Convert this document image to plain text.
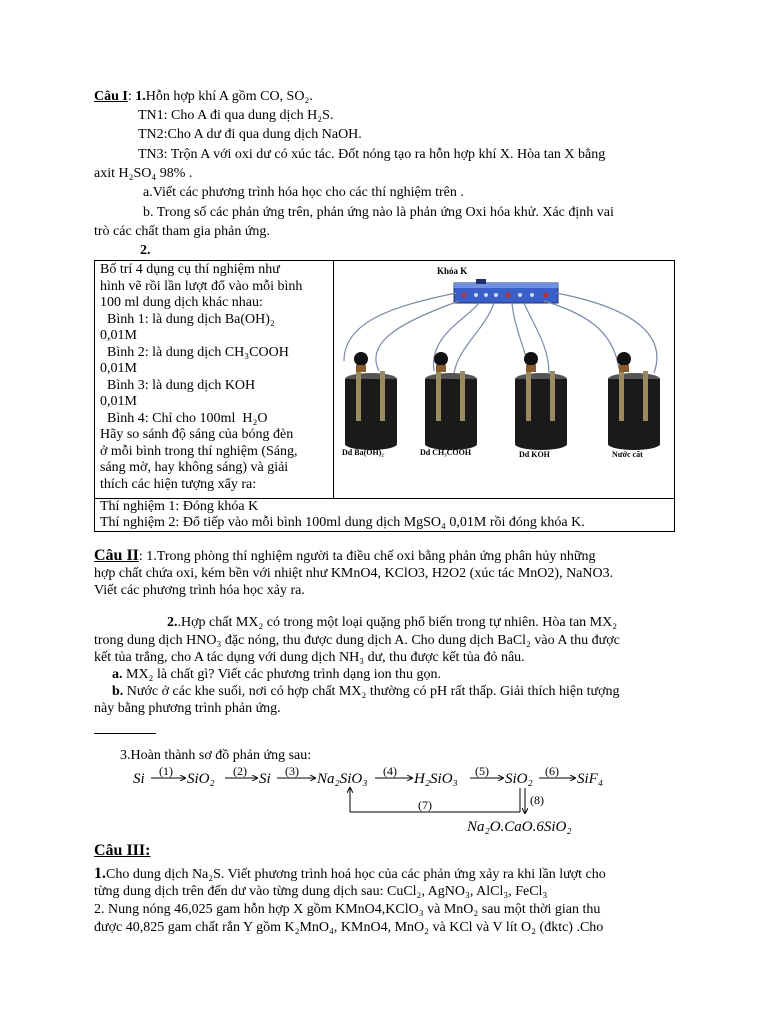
Câu I: 1.Hỗn hợp khí A gồm CO, SO₂.
TN1: Cho A đi qua dung dịch H₂S.
TN2:Cho A dư đi qua dung dịch NaOH.
TN3: Trộn A với oxi dư có xúc tác. Đốt nóng tạo ra hỗn hợp khí X. Hòa tan X bằng
axit H₂SO₄ 98% .
a.Viết các phương trình hóa học cho các thí nghiệm trên .
b. Trong số các phản ứng trên, phản ứng nào là phản ứng Oxi hóa khử. Xác định vai
trò các chất tham gia phản ứng.
2.
Bố trí 4 dụng cụ thí nghiệm như
hình vẽ rồi lần lượt đổ vào mỗi bình
100 ml dung dịch khác nhau:
Bình 1: là dung dịch Ba(OH)₂
0,01M
Bình 2: là dung dịch CH₃COOH
0,01M
Bình 3: là dung dịch KOH
0,01M
Bình 4: Chỉ cho 100ml  H₂O
Hãy so sánh độ sáng của bóng đèn
ở mỗi bình trong thí nghiệm (Sáng,
sáng mờ, hay không sáng) và giải
thích các hiện tượng xẩy ra:
Khóa K
Dd Ba(OH)₂	Dd CH₃COOH	Dd KOH	Nước cất
Thí nghiệm 1: Đóng khóa K
Thí nghiệm 2: Đổ tiếp vào mỗi bình 100ml dung dịch MgSO₄ 0,01M rồi đóng khóa K.
Câu II: 1.Trong phòng thí nghiệm người ta điều chế oxi bằng phản ứng phân hủy những
hợp chất chứa oxi, kém bền với nhiệt như KMnO4, KClO3, H2O2 (xúc tác MnO2), NaNO3.
Viết các phương trình hóa học xảy ra.
2..Hợp chất MX₂ có trong một loại quặng phổ biến trong tự nhiên. Hòa tan MX₂
trong dung dịch HNO₃ đặc nóng, thu được dung dịch A. Cho dung dịch BaCl₂ vào A thu được
kết tủa trắng, cho A tác dụng với dung dịch NH₃ dư, thu được kết tủa đỏ nâu.
a. MX₂ là chất gì? Viết các phương trình dạng ion thu gọn.
b. Nước ở các khe suối, nơi có hợp chất MX₂ thường có pH rất thấp. Giải thích hiện tượng
này bằng phương trình phản ứng.
3.Hoàn thành sơ đồ phản ứng sau:
Si	SiO₂	Si	Na₂SiO₃	H₂SiO₃	SiO₂	SiF₄
(1)	(2)	(3)	(4)	(5)	(6)
(7)	(8)
Na₂O.CaO.6SiO₂
Câu III:
1.Cho dung dịch Na₂S. Viết phương trình hoá học của các phản ứng xảy ra khi lần lượt cho
từng dung dịch trên đến dư vào từng dung dịch sau: CuCl₂, AgNO₃, AlCl₃, FeCl₃
2. Nung nóng 46,025 gam hỗn hợp X gồm KMnO4,KClO₃ và MnO₂ sau một thời gian thu
được 40,825 gam chất rắn Y gồm K₂MnO₄, KMnO4, MnO₂ và KCl và V lít O₂ (đktc) .Cho
